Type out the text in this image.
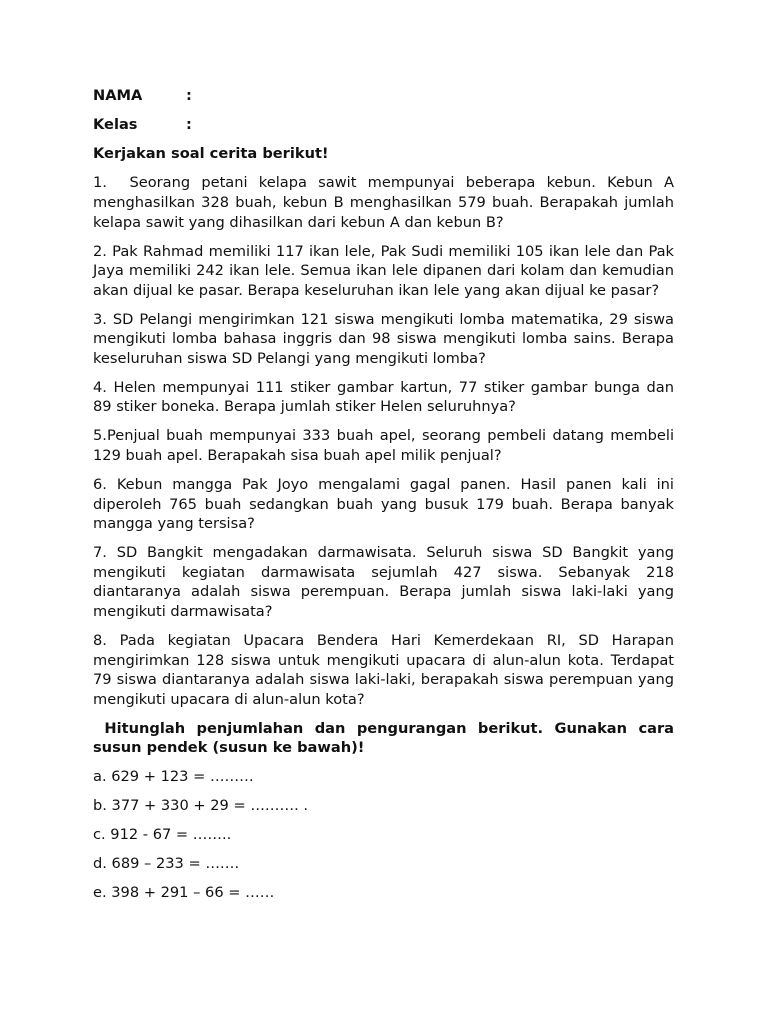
NAMA	:
Kelas	:
Kerjakan soal cerita berikut!
1. Seorang petani kelapa sawit mempunyai beberapa kebun. Kebun A menghasilkan 328 buah, kebun B menghasilkan 579 buah. Berapakah jumlah kelapa sawit yang dihasilkan dari kebun A dan kebun B?
2. Pak Rahmad memiliki 117 ikan lele, Pak Sudi memiliki 105 ikan lele dan Pak Jaya memiliki 242 ikan lele. Semua ikan lele dipanen dari kolam dan kemudian akan dijual ke pasar. Berapa keseluruhan ikan lele yang akan dijual ke pasar?
3. SD Pelangi mengirimkan 121 siswa mengikuti lomba matematika, 29 siswa mengikuti lomba bahasa inggris dan 98 siswa mengikuti lomba sains. Berapa keseluruhan siswa SD Pelangi yang mengikuti lomba?
4. Helen mempunyai 111 stiker gambar kartun, 77 stiker gambar bunga dan 89 stiker boneka. Berapa jumlah stiker Helen seluruhnya?
5.Penjual buah mempunyai 333 buah apel, seorang pembeli datang membeli 129 buah apel. Berapakah sisa buah apel milik penjual?
6. Kebun mangga Pak Joyo mengalami gagal panen. Hasil panen kali ini diperoleh 765 buah sedangkan buah yang busuk 179 buah. Berapa banyak mangga yang tersisa?
7. SD Bangkit mengadakan darmawisata. Seluruh siswa SD Bangkit yang mengikuti kegiatan darmawisata sejumlah 427 siswa. Sebanyak 218 diantaranya adalah siswa perempuan. Berapa jumlah siswa laki-laki yang mengikuti darmawisata?
8. Pada kegiatan Upacara Bendera Hari Kemerdekaan RI, SD Harapan mengirimkan 128 siswa untuk mengikuti upacara di alun-alun kota. Terdapat 79 siswa diantaranya adalah siswa laki-laki, berapakah siswa perempuan yang mengikuti upacara di alun-alun kota?
Hitunglah penjumlahan dan pengurangan berikut. Gunakan cara susun pendek (susun ke bawah)!
a. 629 + 123 = ………
b. 377 + 330 + 29 = ………. .
c. 912 - 67 = ……..
d. 689 – 233 = …….
e. 398 + 291 – 66 = ……
